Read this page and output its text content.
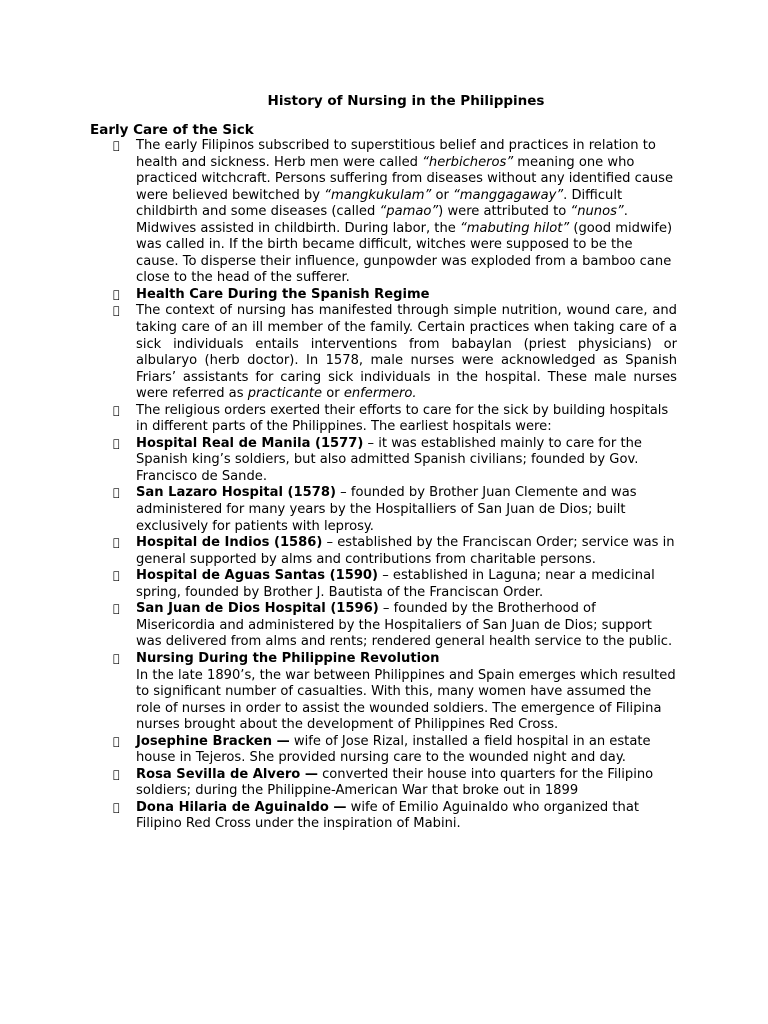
History of Nursing in the Philippines
Early Care of the Sick

The early Filipinos subscribed to superstitious belief and practices in relation to health and sickness. Herb men were called “herbicheros” meaning one who practiced witchcraft. Persons suffering from diseases without any identified cause were believed bewitched by “mangkukulam” or “manggagaway”. Difficult childbirth and some diseases (called “pamao”) were attributed to “nunos”. Midwives assisted in childbirth. During labor, the “mabuting hilot” (good midwife) was called in. If the birth became difficult, witches were supposed to be the cause. To disperse their influence, gunpowder was exploded from a bamboo cane close to the head of the sufferer.

Health Care During the Spanish Regime

The context of nursing has manifested through simple nutrition, wound care, and taking care of an ill member of the family. Certain practices when taking care of a sick individuals entails interventions from babaylan (priest physicians) or albularyo (herb doctor). In 1578, male nurses were acknowledged as Spanish Friars’ assistants for caring sick individuals in the hospital. These male nurses were referred as practicante or enfermero.

The religious orders exerted their efforts to care for the sick by building hospitals in different parts of the Philippines. The earliest hospitals were:

Hospital Real de Manila (1577) – it was established mainly to care for the Spanish king’s soldiers, but also admitted Spanish civilians; founded by Gov. Francisco de Sande.

San Lazaro Hospital (1578) – founded by Brother Juan Clemente and was administered for many years by the Hospitalliers of San Juan de Dios; built exclusively for patients with leprosy.

Hospital de Indios (1586) – established by the Franciscan Order; service was in general supported by alms and contributions from charitable persons.

Hospital de Aguas Santas (1590) – established in Laguna; near a medicinal spring, founded by Brother J. Bautista of the Franciscan Order.

San Juan de Dios Hospital (1596) – founded by the Brotherhood of Misericordia and administered by the Hospitaliers of San Juan de Dios; support was delivered from alms and rents; rendered general health service to the public.

Nursing During the Philippine Revolution

In the late 1890’s, the war between Philippines and Spain emerges which resulted to significant number of casualties. With this, many women have assumed the role of nurses in order to assist the wounded soldiers. The emergence of Filipina nurses brought about the development of Philippines Red Cross.

Josephine Bracken — wife of Jose Rizal, installed a field hospital in an estate house in Tejeros. She provided nursing care to the wounded night and day.

Rosa Sevilla de Alvero — converted their house into quarters for the Filipino soldiers; during the Philippine-American War that broke out in 1899

Dona Hilaria de Aguinaldo — wife of Emilio Aguinaldo who organized that Filipino Red Cross under the inspiration of Mabini.
